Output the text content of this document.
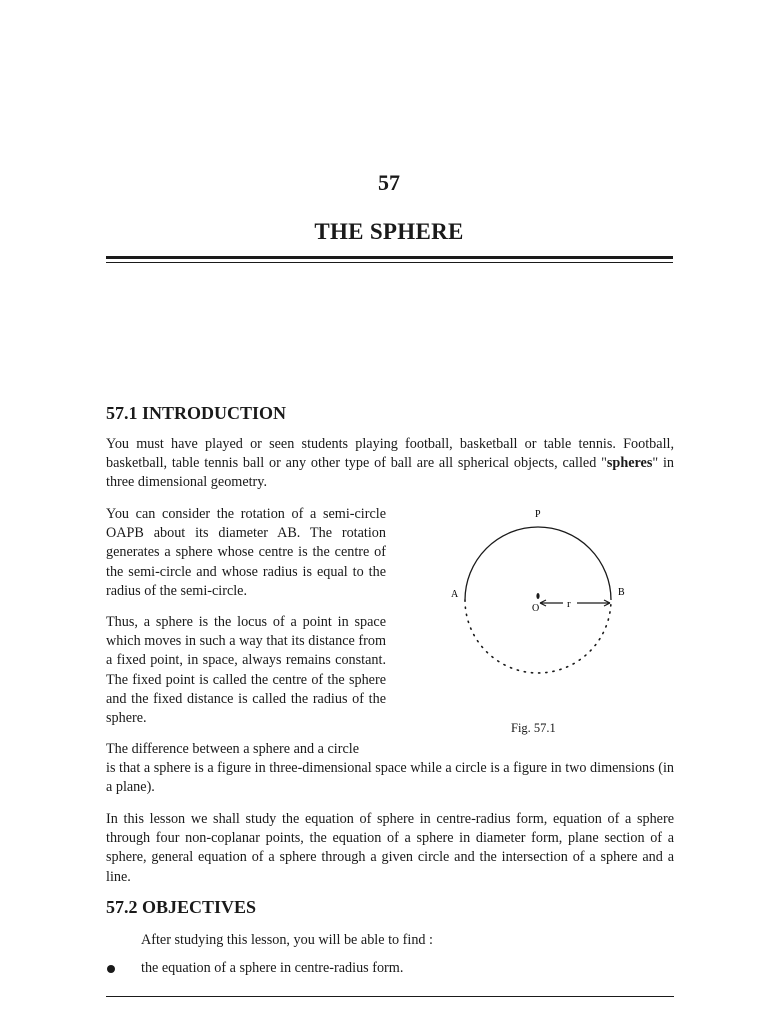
57
THE SPHERE
57.1 INTRODUCTION
You must have played or seen students playing football, basketball or table tennis. Football, basketball, table tennis ball or any other type of ball are all spherical objects, called "spheres" in three dimensional geometry.
You can consider the rotation of a semi-circle OAPB about its diameter AB. The rotation generates a sphere whose centre is the centre of the semi-circle and whose radius is equal to the radius of the semi-circle.
Thus, a sphere is the locus of a point in space which moves in such a way that its distance from a fixed point, in space, always remains constant. The fixed point is called the centre of the sphere and the fixed distance is called the radius of the sphere.
The difference between a sphere and a circle
is that a sphere is a figure in three-dimensional space while a circle is a figure in two dimensions (in a plane).
In this lesson we shall study the equation of sphere in centre-radius form, equation of a sphere through four non-coplanar points, the equation of a sphere in diameter form, plane section of a sphere, general equation of a sphere through a given circle and the intersection of a sphere and a line.
P
A	B
O	r
Fig. 57.1
57.2 OBJECTIVES
After studying this lesson, you will be able to find :
the equation of a sphere in centre-radius form.
